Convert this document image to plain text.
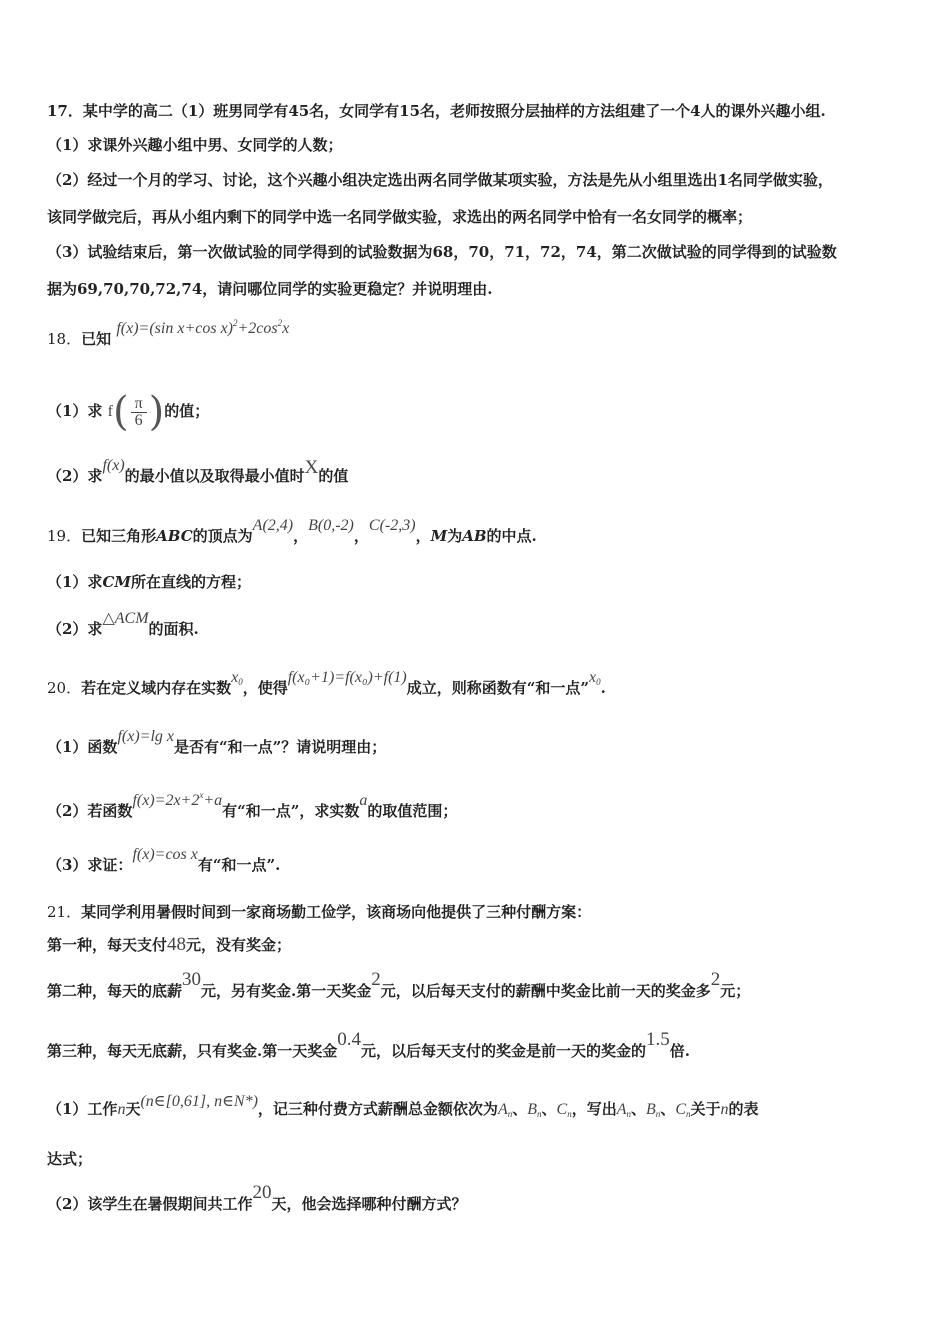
17．某中学的高二（1）班男同学有45名，女同学有15名，老师按照分层抽样的方法组建了一个4人的课外兴趣小组.
（1）求课外兴趣小组中男、女同学的人数；
（2）经过一个月的学习、讨论，这个兴趣小组决定选出两名同学做某项实验，方法是先从小组里选出1名同学做实验，
该同学做完后，再从小组内剩下的同学中选一名同学做实验，求选出的两名同学中恰有一名女同学的概率；
（3）试验结束后，第一次做试验的同学得到的试验数据为68，70，71，72，74，第二次做试验的同学得到的试验数
据为69,70,70,72,74，请问哪位同学的实验更稳定？并说明理由.
18．已知 f(x)=(sin x+cos $x)^2+2\cos^2x$
（1）求 $f( \frac{\pi}{6}$ )的值；
（2）求f(x)的最小值以及取得最小值时X的值
19．已知三角形ABC的顶点为A(2,4)，B(0,-2)，C(-2,3)，M为AB的中点.
（1）求CM所在直线的方程；
（2）求△ACM的面积.
20．若在定义域内存在实数$x_0$，使得f(x₀+1)=f(x₀)+f(1)成立，则称函数有“和一点$”x_0$.
（1）函数f(x)=lg x是否有“和一点”？请说明理由；
（2）若函数$f(x)=2x+2^x+a$有“和一点”，求实数a的取值范围；
（3）求证：f(x)=cos x有“和一点”.
21．某同学利用暑假时间到一家商场勤工俭学，该商场向他提供了三种付酬方案：
第一种，每天支付48元，没有奖金；
第二种，每天的底薪30元，另有奖金.第一天奖金2元，以后每天支付的薪酬中奖金比前一天的奖金多2元；
第三种，每天无底薪，只有奖金.第一天奖金0.4元，以后每天支付的奖金是前一天的奖金的1.5倍.
（1）工作n天(n∈[0,61], n∈N*)，记三种付费方式薪酬总金额依次为$A_n$、$B_n$、$C_n$，写出$A_n$、$B_n$、$C_n$关于n的表
达式；
（2）该学生在暑假期间共工作20天，他会选择哪种付酬方式？
